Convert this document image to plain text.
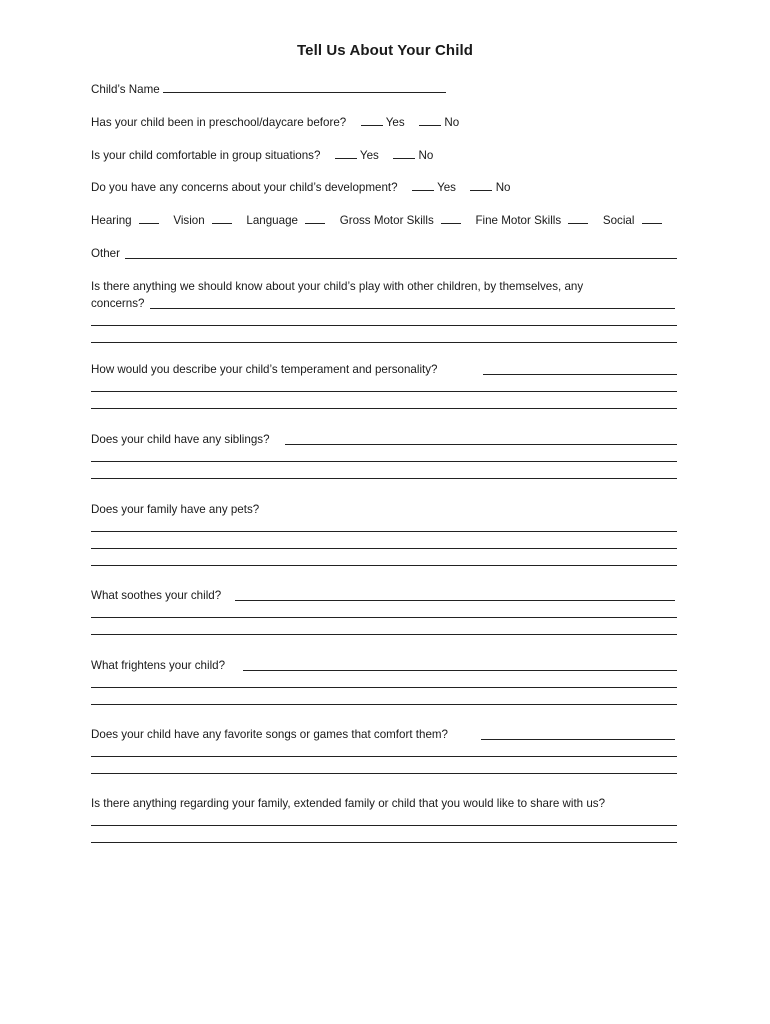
Tell Us About Your Child
Child’s Name
Has your child been in preschool/daycare before?	Yes	No
Is your child comfortable in group situations?	Yes	No
Do you have any concerns about your child’s development?	Yes	No
Hearing	Vision	Language	Gross Motor Skills	Fine Motor Skills	Social
Other
Is there anything we should know about your child’s play with other children, by themselves, any
concerns?
How would you describe your child’s temperament and personality?
Does your child have any siblings?
Does your family have any pets?
What soothes your child?
What frightens your child?
Does your child have any favorite songs or games that comfort them?
Is there anything regarding your family, extended family or child that you would like to share with us?
